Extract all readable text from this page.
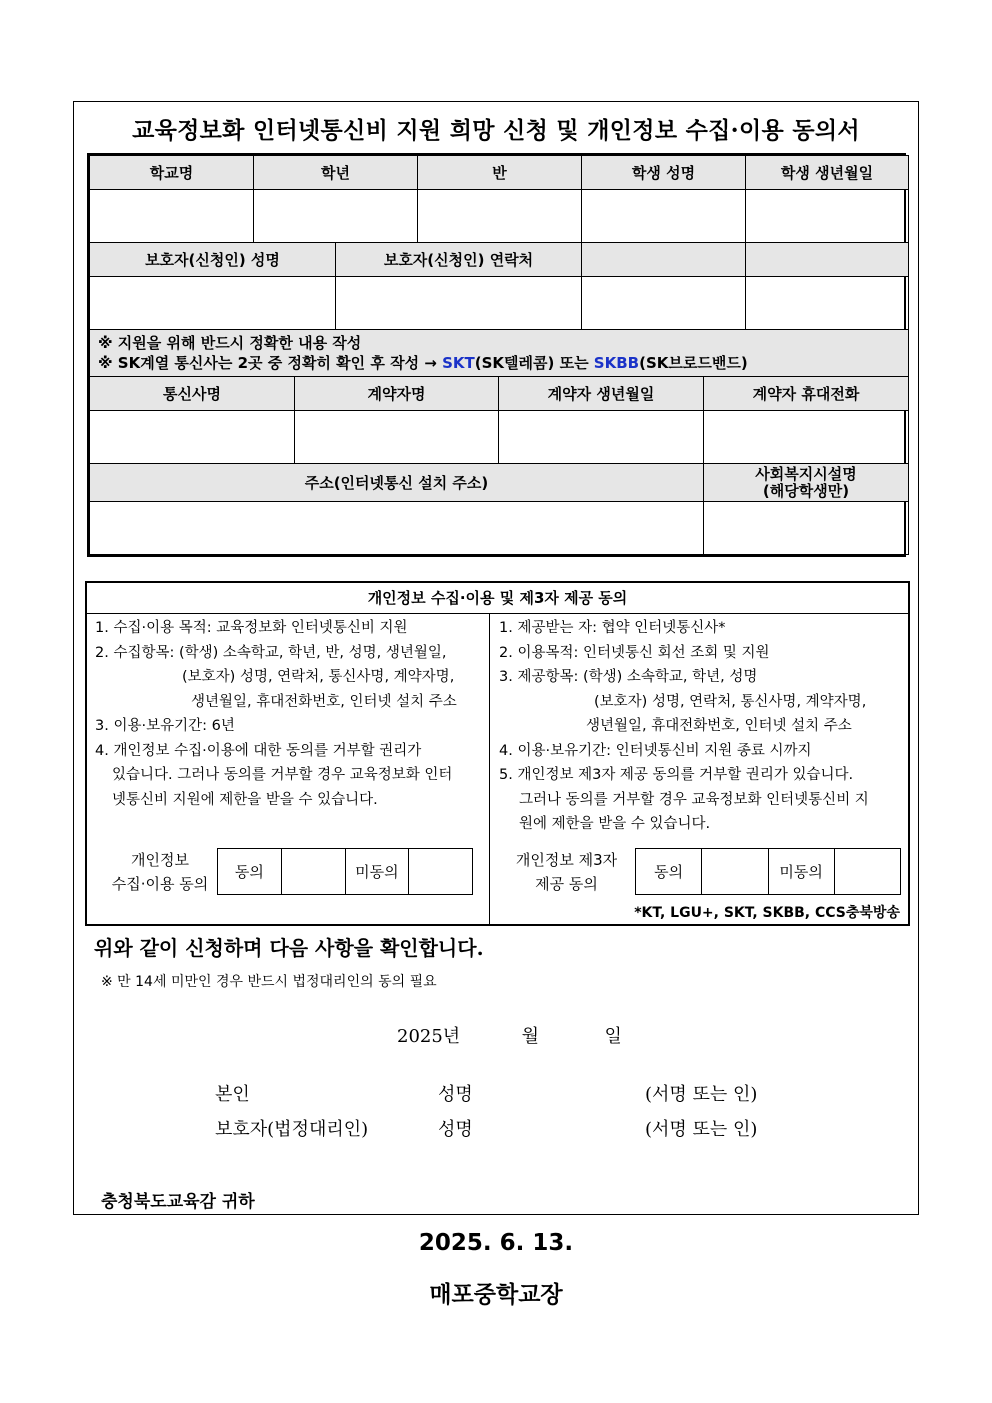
교육정보화 인터넷통신비 지원 희망 신청 및 개인정보 수집·이용 동의서
학교명	학년		반	학생 성명	학생 생년월일

보호자(신청인) 성명		보호자(신청인) 연락처			

※ 지원을 위해 반드시 정확한 내용 작성
※ SK계열 통신사는 2곳 중 정확히 확인 후 작성 → SKT(SK텔레콤) 또는 SKBB(SK브로드밴드)					
통신사명	계약자명	계약자 생년월일	계약자 휴대전화

주소(인터넷통신 설치 주소)			사회복지시설명
(해당학생만)

개인정보 수집·이용 및 제3자 제공 동의

1. 수집·이용 목적: 교육정보화 인터넷통신비 지원

2. 수집항목: (학생) 소속학교, 학년, 반, 성명, 생년월일,

(보호자) 성명, 연락처, 통신사명, 계약자명,

생년월일, 휴대전화번호, 인터넷 설치 주소

3. 이용·보유기간: 6년

4. 개인정보 수집·이용에 대한 동의를 거부할 권리가

있습니다. 그러나 동의를 거부할 경우 교육정보화 인터

넷통신비 지원에 제한을 받을 수 있습니다.

1. 제공받는 자: 협약 인터넷통신사*

2. 이용목적: 인터넷통신 회선 조회 및 지원

3. 제공항목: (학생) 소속학교, 학년, 성명

(보호자) 성명, 연락처, 통신사명, 계약자명,

생년월일, 휴대전화번호, 인터넷 설치 주소

4. 이용·보유기간: 인터넷통신비 지원 종료 시까지

5. 개인정보 제3자 제공 동의를 거부할 권리가 있습니다.

그러나 동의를 거부할 경우 교육정보화 인터넷통신비 지

원에 제한을 받을 수 있습니다.

개인정보
수집·이용 동의
동의		미동의	
개인정보 제3자
제공 동의
동의		미동의	
*KT, LGU+, SKT, SKBB, CCS충북방송
위와 같이 신청하며 다음 사항을 확인합니다.
※ 만 14세 미만인 경우 반드시 법정대리인의 동의 필요
2025년	월	일
본인	성명	(서명 또는 인)
보호자(법정대리인)	성명	(서명 또는 인)
충청북도교육감 귀하
2025. 6. 13.
매포중학교장
